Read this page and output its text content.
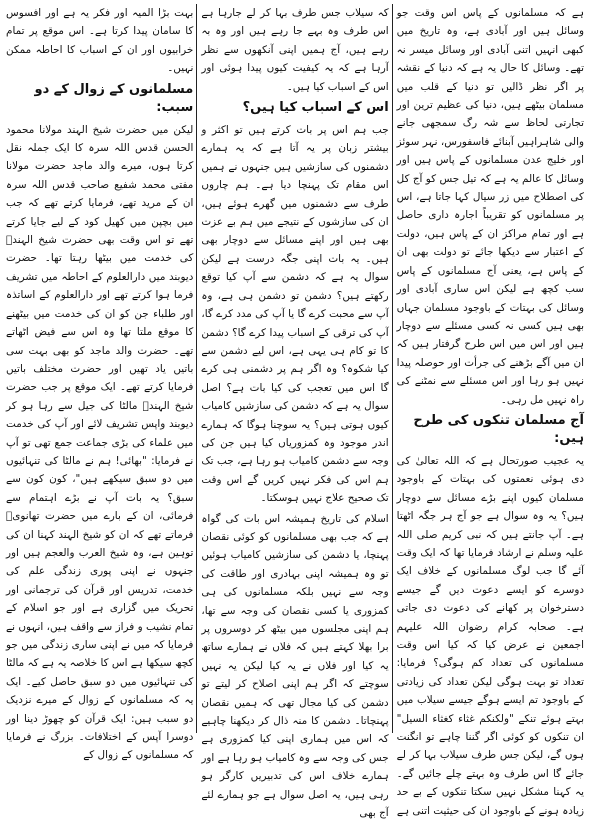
ہے کہ مسلمانوں کے پاس اس وقت جو وسائل ہیں اور آبادی ہے، وہ تاریخ میں کبھی انہیں اتنی آبادی اور وسائل میسر نہ تھے۔ وسائل کا حال یہ ہے کہ دنیا کے نقشہ پر اگر نظر ڈالیں تو دنیا کے قلب میں مسلمان بیٹھے ہیں، دنیا کی عظیم ترین اور تجارتی لحاظ سے شہ رگ سمجھی جانے والی شاہراہیں آبنائے فاسفورس، نہر سوئز اور خلیج عدن مسلمانوں کے پاس ہیں اور وسائل کا عالم یہ ہے کہ تیل جس کو آج کل کی اصطلاح میں زر سیال کہا جاتا ہے، اس پر مسلمانوں کو تقریباً اجارہ داری حاصل ہے اور تمام مراکز ان کے پاس ہیں، دولت کے اعتبار سے دیکھا جائے تو دولت بھی ان کے پاس ہے، یعنی آج مسلمانوں کے پاس سب کچھ ہے لیکن اس ساری آبادی اور وسائل کی بہتات کے باوجود مسلمان جہاں بھی ہیں کسی نہ کسی مسئلے سے دوچار ہیں اور اس میں اس طرح گرفتار ہیں کہ ان میں آگے بڑھنے کی جرأت اور حوصلہ پیدا نہیں ہو رہا اور اس مسئلے سے نمٹنے کی راہ نہیں مل رہی۔

آج مسلمان تنکوں کی طرح ہیں:

یہ عجیب صورتحال ہے کہ اللہ تعالیٰ کی دی ہوئی نعمتوں کی بہتات کے باوجود مسلمان کیوں اپنے بڑے مسائل سے دوچار ہیں؟ یہ وہ سوال ہے جو آج ہر جگہ اٹھتا ہے۔ آپ جانتے ہیں کہ نبی کریم صلی اللہ علیہ وسلم نے ارشاد فرمایا تھا کہ ایک وقت آئے گا جب لوگ مسلمانوں کے خلاف ایک دوسرے کو ایسے دعوت دیں گے جیسے دسترخوان پر کھانے کی دعوت دی جاتی ہے۔ صحابہ کرام رضوان اللہ علیہم اجمعین نے عرض کیا کہ کیا اس وقت مسلمانوں کی تعداد کم ہوگی؟ فرمایا: تعداد تو بہت ہوگی لیکن تعداد کی زیادتی کے باوجود تم ایسے ہوگے جیسے سیلاب میں بہتے ہوئے تنکے "ولکنکم غثاء کغثاء السیل" ان تنکوں کو کوئی اگر گننا چاہے تو انگنت ہوں گے، لیکن جس طرف سیلاب بہا کر لے جائے گا اس طرف وہ بہتے چلے جائیں گے۔ یہ کہنا مشکل نہیں سکتا تنکوں کے بے حد زیادہ ہونے کے باوجود ان کی حیثیت اتنی ہے

کہ سیلاب جس طرف بہا کر لے جارہا ہے اس طرف وہ بہے جا رہے ہیں اور وہ بہ رہے ہیں، آج ہمیں اپنی آنکھوں سے نظر آرہا ہے کہ یہ کیفیت کیوں پیدا ہوئی اور اس کے اسباب کیا ہیں۔

اس کے اسباب کیا ہیں؟

جب ہم اس پر بات کرتے ہیں تو اکثر و بیشتر زبان پر یہ آتا ہے کہ یہ ہمارے دشمنوں کی سازشیں ہیں جنہوں نے ہمیں اس مقام تک پہنچا دیا ہے۔ ہم چاروں طرف سے دشمنوں میں گھرے ہوئے ہیں، ان کی سازشوں کے نتیجے میں ہم بے عزت بھی ہیں اور اپنے مسائل سے دوچار بھی ہیں۔ یہ بات اپنی جگہ درست ہے لیکن سوال یہ ہے کہ دشمن سے آپ کیا توقع رکھتے ہیں؟ دشمن تو دشمن ہی ہے، وہ آپ سے محبت کرے گا یا آپ کی مدد کرے گا، آپ کی ترقی کے اسباب پیدا کرے گا؟ دشمن کا تو کام ہی یہی ہے، اس لیے دشمن سے کیا شکوہ؟ وہ اگر ہم پر دشمنی ہی کرے گا اس میں تعجب کی کیا بات ہے؟ اصل سوال یہ ہے کہ دشمن کی سازشیں کامیاب کیوں ہوتی ہیں؟ یہ سوچنا ہوگا کہ ہمارے اندر موجود وہ کمزوریاں کیا ہیں جن کی وجہ سے دشمن کامیاب ہو رہا ہے، جب تک ہم اس کی فکر نہیں کریں گے اس وقت تک صحیح علاج نہیں ہوسکتا۔

اسلام کی تاریخ ہمیشہ اس بات کی گواہ ہے کہ جب بھی مسلمانوں کو کوئی نقصان پہنچا، یا دشمن کی سازشیں کامیاب ہوئیں تو وہ ہمیشہ اپنی بہادری اور طاقت کی وجہ سے نہیں بلکہ مسلمانوں کی ہی کمزوری یا کسی نقصان کی وجہ سے تھا، ہم اپنی مجلسوں میں بیٹھ کر دوسروں پر برا بھلا کہتے ہیں کہ فلاں نے ہمارے ساتھ یہ کیا اور فلاں نے یہ کیا لیکن یہ نہیں سوچتے کہ اگر ہم اپنی اصلاح کر لیتے تو دشمن کی کیا مجال تھی کہ ہمیں نقصان پہنچاتا۔ دشمن کا منہ ذال کر دیکھنا چاہیے کہ اس میں ہماری اپنی کیا کمزوری ہے جس کی وجہ سے وہ کامیاب ہو رہا ہے اور ہمارے خلاف اس کی تدبیریں کارگر ہو رہی ہیں، یہ اصل سوال ہے جو ہمارے لئے آج بھی

بہت بڑا المیہ اور فکر یہ ہے اور افسوس کا سامان پیدا کرتا ہے۔ اس موقع پر تمام خرابیوں اور ان کے اسباب کا احاطہ ممکن نہیں۔

مسلمانوں کے زوال کے دو سبب:

لیکن میں حضرت شیخ الہند مولانا محمود الحسن قدس اللہ سرہ کا ایک جملہ نقل کرتا ہوں، میرے والد ماجد حضرت مولانا مفتی محمد شفیع صاحب قدس اللہ سرہ ان کے مرید تھے، فرمایا کرتے تھے کہ جب میں بچپن میں کھیل کود کے لیے جایا کرتے تھے تو اس وقت بھی حضرت شیخ الہندؒ کی خدمت میں بیٹھا رہتا تھا۔ حضرت دیوبند میں دارالعلوم کے احاطہ میں تشریف فرما ہوا کرتے تھے اور دارالعلوم کے اساتذہ اور طلباء جن کو ان کی خدمت میں بیٹھنے کا موقع ملتا تھا وہ اس سے فیض اٹھاتے تھے۔ حضرت والد ماجد کو بھی بہت سی باتیں یاد تھیں اور حضرت مختلف باتیں فرمایا کرتے تھے۔ ایک موقع پر جب حضرت شیخ الہندؒ مالٹا کی جیل سے رہا ہو کر دیوبند واپس تشریف لائے اور آپ کی خدمت میں علماء کی بڑی جماعت جمع تھی تو آپ نے فرمایا: "بھائی! ہم نے مالٹا کی تنہائیوں میں دو سبق سیکھے ہیں"، کون کون سے سبق؟ یہ بات آپ نے بڑے اہتمام سے فرمائی، ان کے بارے میں حضرت تھانویؒ فرماتے تھے کہ ان کو شیخ الہند کہنا ان کی توہین ہے، وہ شیخ العرب والعجم ہیں اور جنہوں نے اپنی پوری زندگی علم کی خدمت، تدریس اور قرآن کی ترجمانی اور تحریک میں گزاری ہے اور جو اسلام کے تمام نشیب و فراز سے واقف ہیں، انہوں نے فرمایا کہ میں نے اپنی ساری زندگی میں جو کچھ سیکھا ہے اس کا خلاصہ یہ ہے کہ مالٹا کی تنہائیوں میں دو سبق حاصل کیے۔ ایک یہ کہ مسلمانوں کے زوال کے میرے نزدیک دو سبب ہیں: ایک قرآن کو چھوڑ دینا اور دوسرا آپس کے اختلافات۔ بزرگ نے فرمایا کہ مسلمانوں کے زوال کے
